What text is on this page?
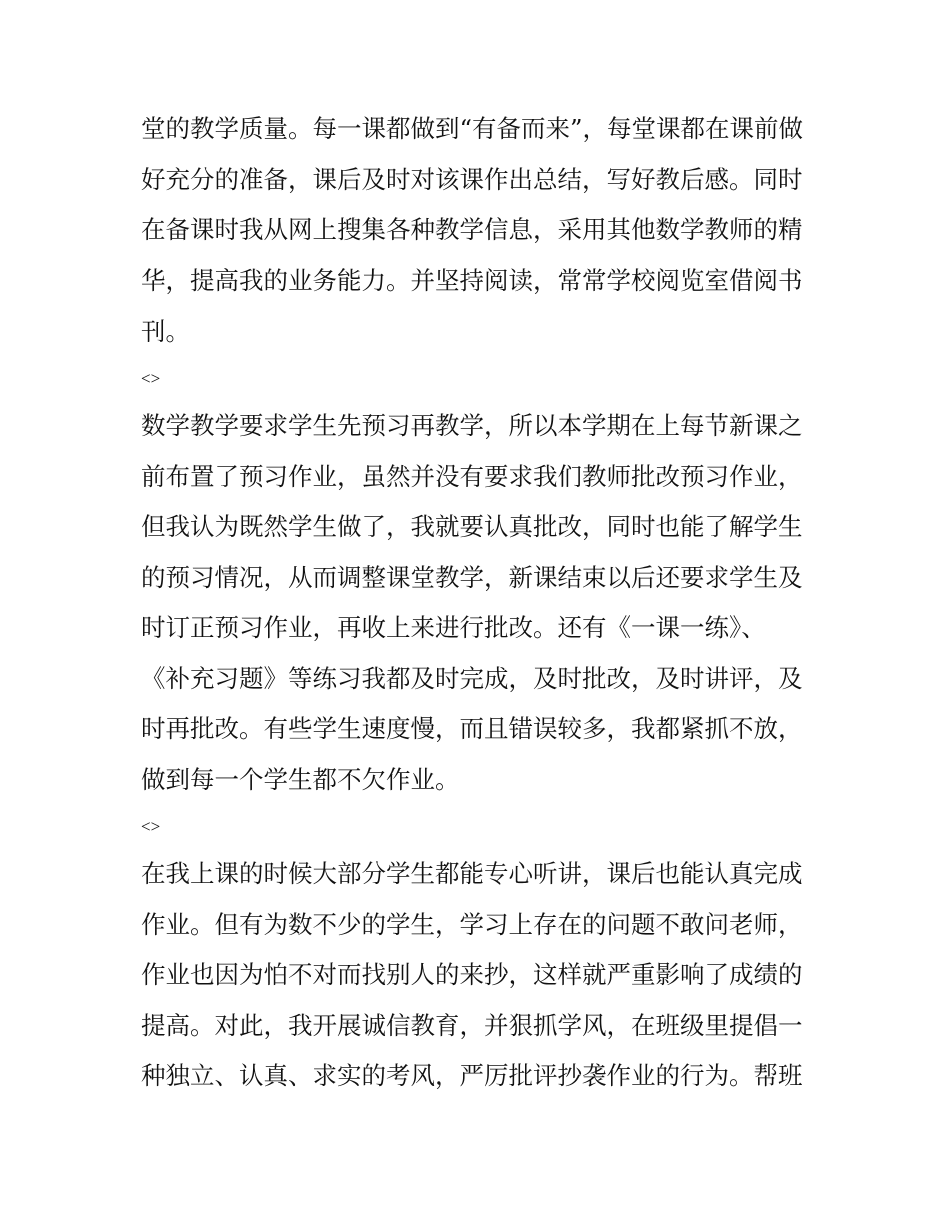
堂的教学质量。每一课都做到“有备而来”，每堂课都在课前做
好充分的准备，课后及时对该课作出总结，写好教后感。同时
在备课时我从网上搜集各种教学信息，采用其他数学教师的精
华，提高我的业务能力。并坚持阅读，常常学校阅览室借阅书
刊。
<>
数学教学要求学生先预习再教学，所以本学期在上每节新课之
前布置了预习作业，虽然并没有要求我们教师批改预习作业，
但我认为既然学生做了，我就要认真批改，同时也能了解学生
的预习情况，从而调整课堂教学，新课结束以后还要求学生及
时订正预习作业，再收上来进行批改。还有《一课一练》、
《补充习题》等练习我都及时完成，及时批改，及时讲评，及
时再批改。有些学生速度慢，而且错误较多，我都紧抓不放，
做到每一个学生都不欠作业。
<>
在我上课的时候大部分学生都能专心听讲，课后也能认真完成
作业。但有为数不少的学生，学习上存在的问题不敢问老师，
作业也因为怕不对而找别人的来抄，这样就严重影响了成绩的
提高。对此，我开展诚信教育，并狠抓学风，在班级里提倡一
种独立、认真、求实的考风，严厉批评抄袭作业的行为。帮班
